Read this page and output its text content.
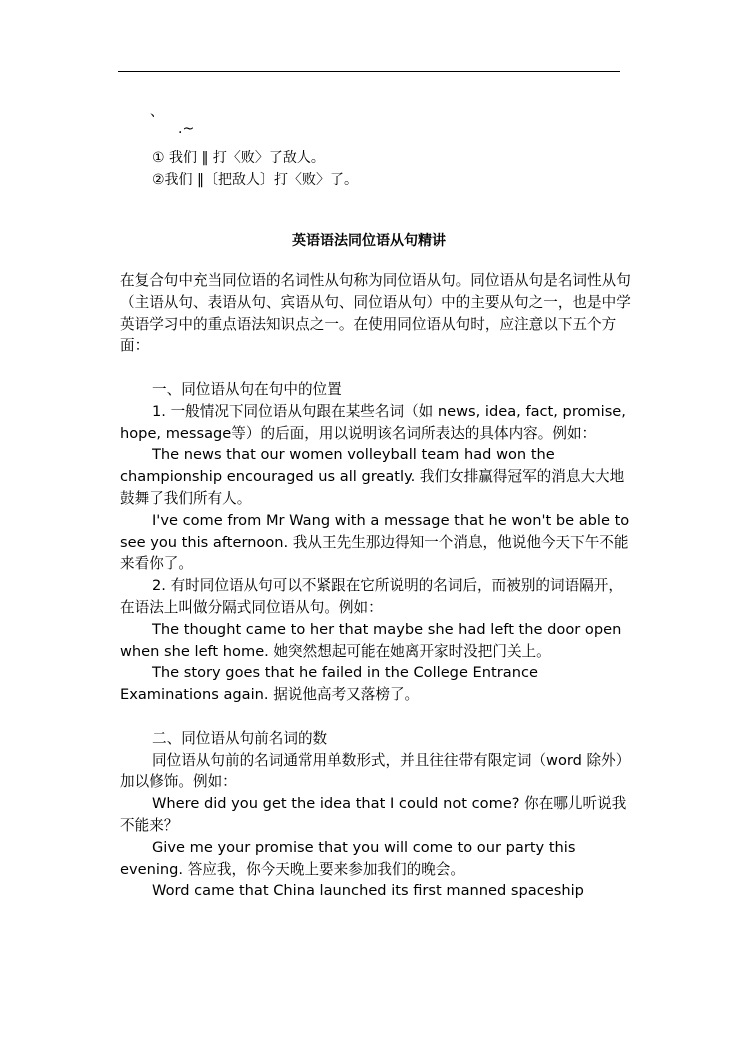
、
.~
① 我们 ‖ 打〈败〉了敌人。
②我们 ‖〔把敌人〕打〈败〉了。
英语语法同位语从句精讲

在复合句中充当同位语的名词性从句称为同位语从句。同位语从句是名词性从句（主语从句、表语从句、宾语从句、同位语从句）中的主要从句之一，也是中学英语学习中的重点语法知识点之一。在使用同位语从句时，应注意以下五个方面：

一、同位语从句在句中的位置

1. 一般情况下同位语从句跟在某些名词（如 news, idea, fact, promise, hope, message等）的后面，用以说明该名词所表达的具体内容。例如：

The news that our women volleyball team had won the championship encouraged us all greatly. 我们女排赢得冠军的消息大大地鼓舞了我们所有人。

I've come from Mr Wang with a message that he won't be able to see you this afternoon. 我从王先生那边得知一个消息，他说他今天下午不能来看你了。

2. 有时同位语从句可以不紧跟在它所说明的名词后，而被别的词语隔开，在语法上叫做分隔式同位语从句。例如：

The thought came to her that maybe she had left the door open when she left home. 她突然想起可能在她离开家时没把门关上。

The story goes that he failed in the College Entrance Examinations again. 据说他高考又落榜了。

二、同位语从句前名词的数

同位语从句前的名词通常用单数形式，并且往往带有限定词（word 除外）加以修饰。例如：

Where did you get the idea that I could not come? 你在哪儿听说我不能来？

Give me your promise that you will come to our party this evening. 答应我，你今天晚上要来参加我们的晚会。

Word came that China launched its first manned spaceship
